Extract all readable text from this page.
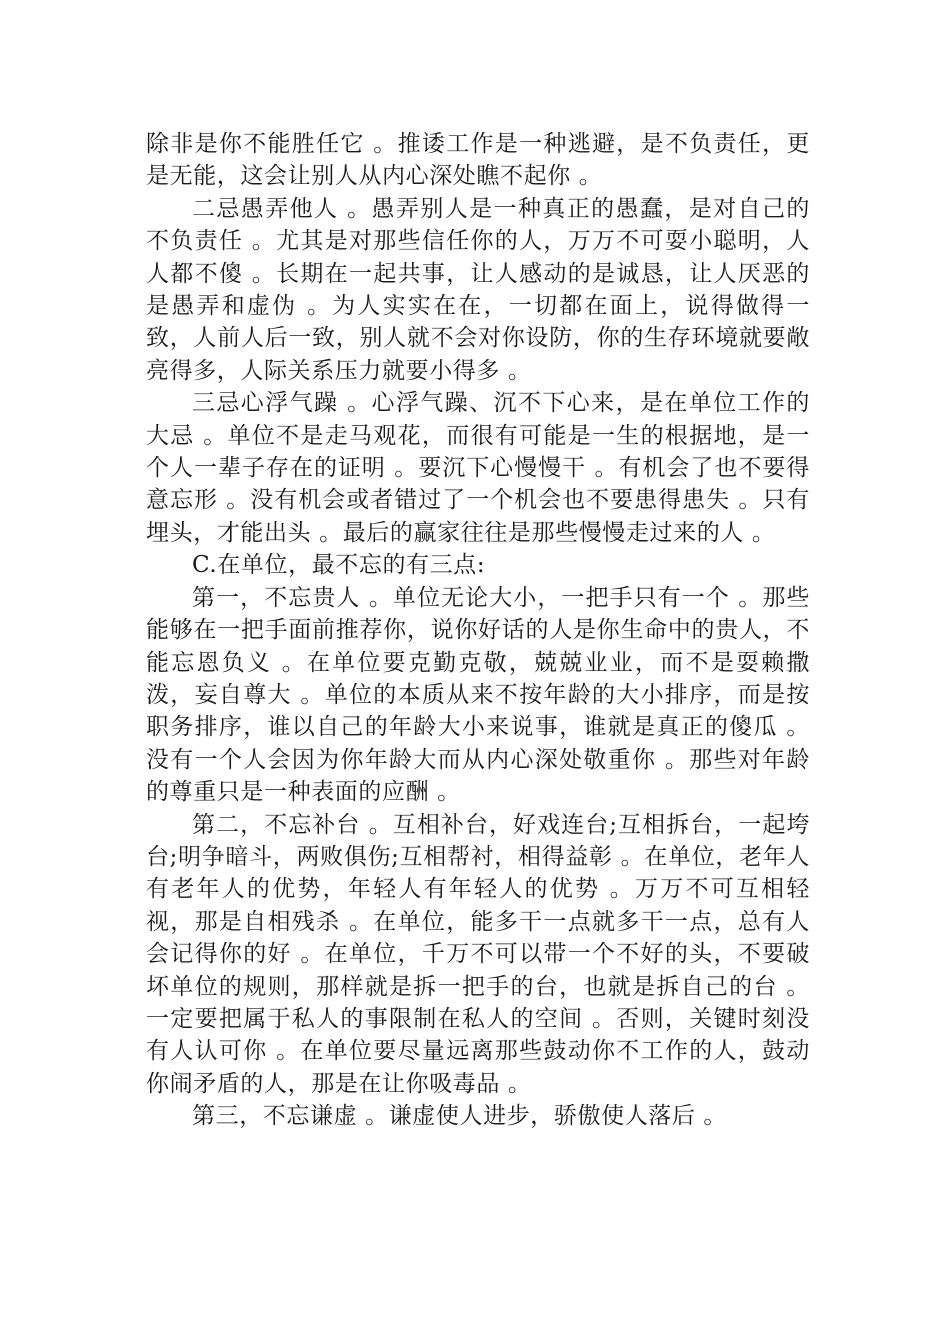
除非是你不能胜任它 。推诿工作是一种逃避，是不负责任，更是无能，这会让别人从内心深处瞧不起你 。

二忌愚弄他人 。愚弄别人是一种真正的愚蠢，是对自己的不负责任 。尤其是对那些信任你的人，万万不可耍小聪明，人人都不傻 。长期在一起共事，让人感动的是诚恳，让人厌恶的是愚弄和虚伪 。为人实实在在，一切都在面上，说得做得一致，人前人后一致，别人就不会对你设防，你的生存环境就要敞亮得多，人际关系压力就要小得多 。

三忌心浮气躁 。心浮气躁、沉不下心来，是在单位工作的大忌 。单位不是走马观花，而很有可能是一生的根据地，是一个人一辈子存在的证明 。要沉下心慢慢干 。有机会了也不要得意忘形 。没有机会或者错过了一个机会也不要患得患失 。只有埋头，才能出头 。最后的赢家往往是那些慢慢走过来的人 。

C.在单位，最不忘的有三点:

第一，不忘贵人 。单位无论大小，一把手只有一个 。那些能够在一把手面前推荐你，说你好话的人是你生命中的贵人，不能忘恩负义 。在单位要克勤克敬，兢兢业业，而不是耍赖撒泼，妄自尊大 。单位的本质从来不按年龄的大小排序，而是按职务排序，谁以自己的年龄大小来说事，谁就是真正的傻瓜 。没有一个人会因为你年龄大而从内心深处敬重你 。那些对年龄的尊重只是一种表面的应酬 。

第二，不忘补台 。互相补台，好戏连台;互相拆台，一起垮台;明争暗斗，两败俱伤;互相帮衬，相得益彰 。在单位，老年人有老年人的优势，年轻人有年轻人的优势 。万万不可互相轻视，那是自相残杀 。在单位，能多干一点就多干一点，总有人会记得你的好 。在单位，千万不可以带一个不好的头，不要破坏单位的规则，那样就是拆一把手的台，也就是拆自己的台 。一定要把属于私人的事限制在私人的空间 。否则，关键时刻没有人认可你 。在单位要尽量远离那些鼓动你不工作的人，鼓动你闹矛盾的人，那是在让你吸毒品 。

第三，不忘谦虚 。谦虚使人进步，骄傲使人落后 。
